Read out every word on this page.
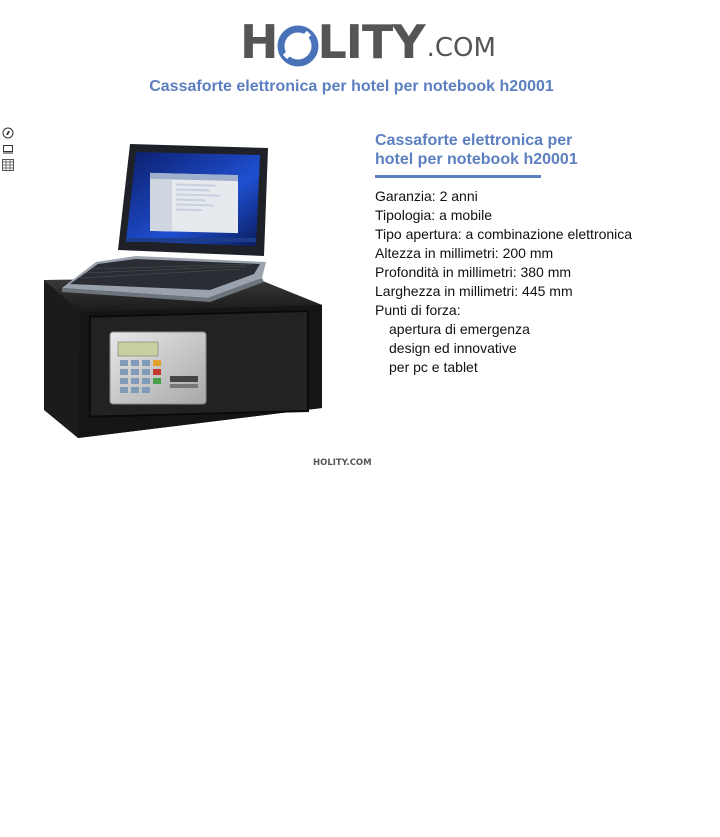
H LITY .COM
Cassaforte elettronica per hotel per notebook h20001
Cassaforte elettronica per hotel per notebook h20001
Garanzia: 2 anni
Tipologia: a mobile
Tipo apertura: a combinazione elettronica
Altezza in millimetri: 200 mm
Profondità in millimetri: 380 mm
Larghezza in millimetri: 445 mm
Punti di forza:
apertura di emergenza
design ed innovative
per pc e tablet
HOLITY.COM
